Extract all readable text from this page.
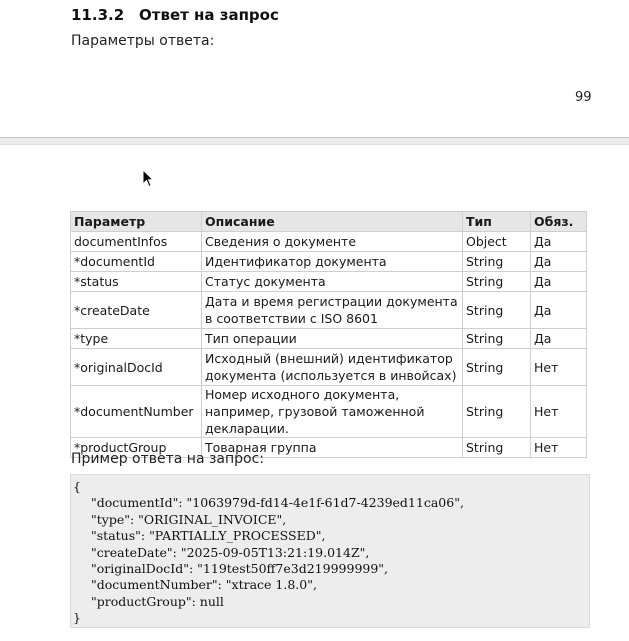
11.3.2 Ответ на запрос
Параметры ответа:
99
Параметр	Описание	Тип	Обяз.
documentInfos	Сведения о документе	Object	Да
*documentId	Идентификатор документа	String	Да
*status	Статус документа	String	Да
*createDate	Дата и время регистрации документа в соответствии с ISO 8601	String	Да
*type	Тип операции	String	Да
*originalDocId	Исходный (внешний) идентификатор документа (используется в инвойсах)	String	Нет
*documentNumber	Номер исходного документа, например, грузовой таможенной декларации.	String	Нет
*productGroup	Товарная группа	String	Нет
Пример ответа на запрос:
{
"documentId": "1063979d-fd14-4e1f-61d7-4239ed11ca06",
"type": "ORIGINAL_INVOICE",
"status": "PARTIALLY_PROCESSED",
"createDate": "2025-09-05T13:21:19.014Z",
"originalDocId": "119test50ff7e3d219999999",
"documentNumber": "xtrace 1.8.0",
"productGroup": null
}
